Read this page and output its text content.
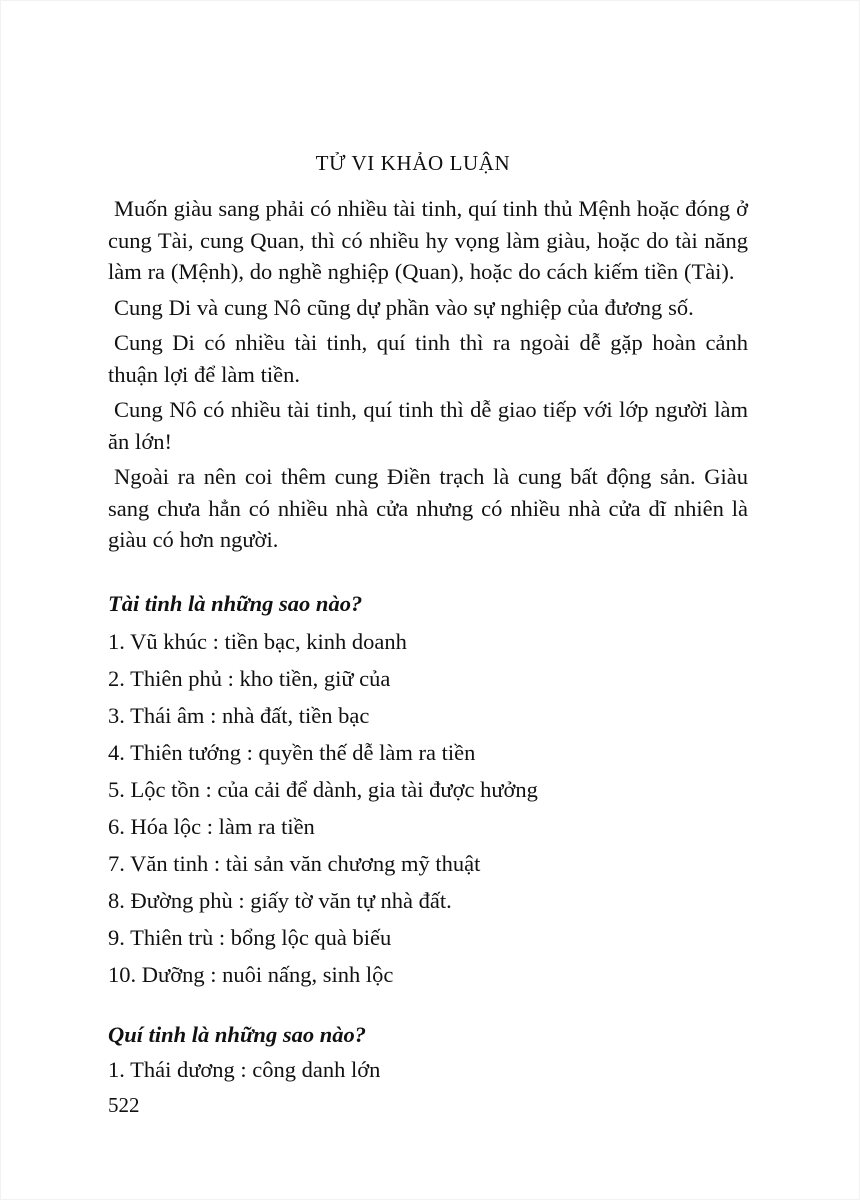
TỬ VI KHẢO LUẬN

Muốn giàu sang phải có nhiều tài tinh, quí tinh thủ Mệnh hoặc đóng ở cung Tài, cung Quan, thì có nhiều hy vọng làm giàu, hoặc do tài năng làm ra (Mệnh), do nghề nghiệp (Quan), hoặc do cách kiếm tiền (Tài).

Cung Di và cung Nô cũng dự phần vào sự nghiệp của đương số.

Cung Di có nhiều tài tinh, quí tinh thì ra ngoài dễ gặp hoàn cảnh thuận lợi để làm tiền.

Cung Nô có nhiều tài tinh, quí tinh thì dễ giao tiếp với lớp người làm ăn lớn!

Ngoài ra nên coi thêm cung Điền trạch là cung bất động sản. Giàu sang chưa hẳn có nhiều nhà cửa nhưng có nhiều nhà cửa dĩ nhiên là giàu có hơn người.

Tài tinh là những sao nào?
1. Vũ khúc : tiền bạc, kinh doanh
2. Thiên phủ : kho tiền, giữ của
3. Thái âm : nhà đất, tiền bạc
4. Thiên tướng : quyền thế dễ làm ra tiền
5. Lộc tồn : của cải để dành, gia tài được hưởng
6. Hóa lộc : làm ra tiền
7. Văn tinh : tài sản văn chương mỹ thuật
8. Đường phù : giấy tờ văn tự nhà đất.
9. Thiên trù : bổng lộc quà biếu
10. Dưỡng : nuôi nấng, sinh lộc
Quí tinh là những sao nào?
1. Thái dương : công danh lớn
522
